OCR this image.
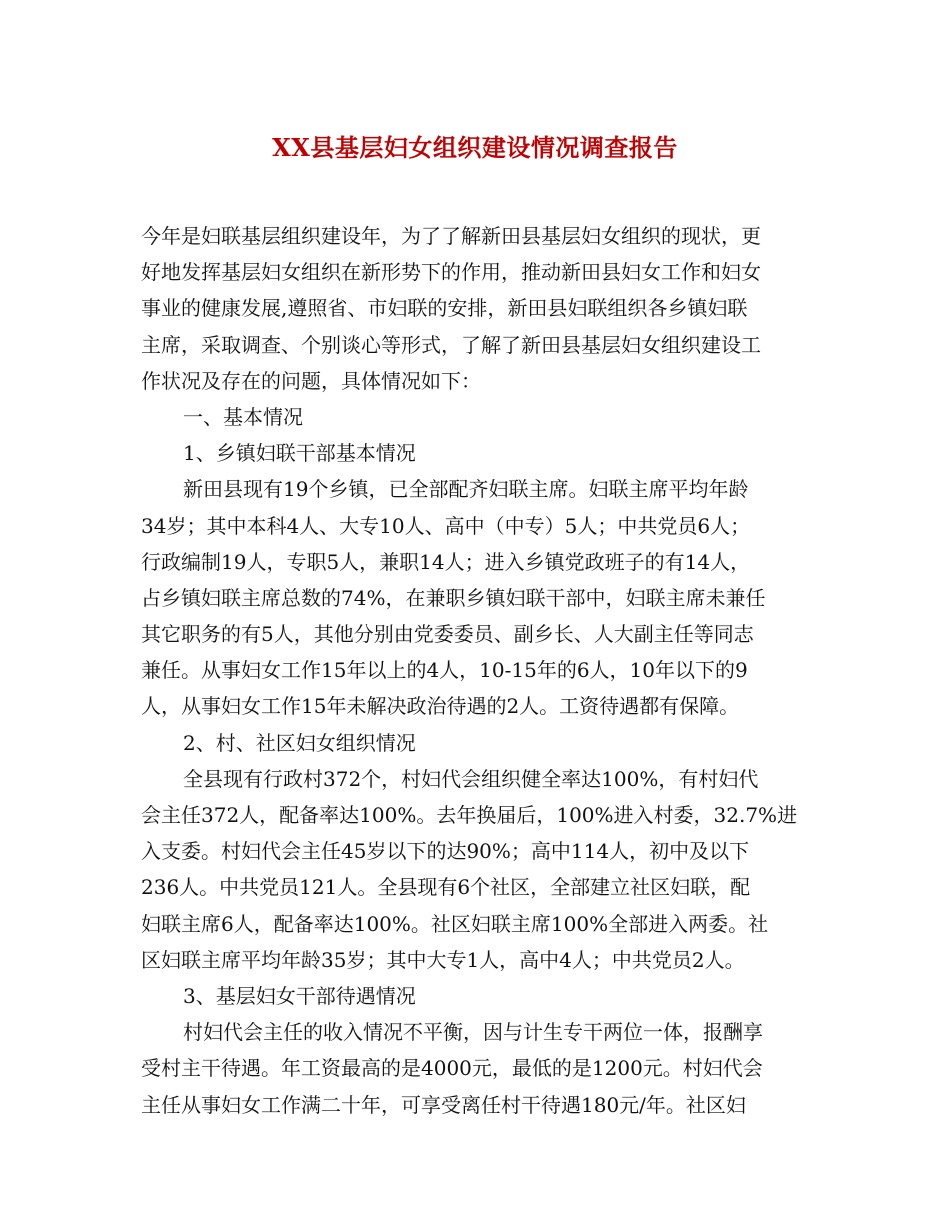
XX县基层妇女组织建设情况调查报告
今年是妇联基层组织建设年，为了了解新田县基层妇女组织的现状，更
好地发挥基层妇女组织在新形势下的作用，推动新田县妇女工作和妇女
事业的健康发展,遵照省、市妇联的安排，新田县妇联组织各乡镇妇联
主席，采取调查、个别谈心等形式，了解了新田县基层妇女组织建设工
作状况及存在的问题，具体情况如下：
一、基本情况
1、乡镇妇联干部基本情况
新田县现有19个乡镇，已全部配齐妇联主席。妇联主席平均年龄
34岁；其中本科4人、大专10人、高中（中专）5人；中共党员6人；
行政编制19人，专职5人，兼职14人；进入乡镇党政班子的有14人，
占乡镇妇联主席总数的74%，在兼职乡镇妇联干部中，妇联主席未兼任
其它职务的有5人，其他分别由党委委员、副乡长、人大副主任等同志
兼任。从事妇女工作15年以上的4人，10-15年的6人，10年以下的9
人，从事妇女工作15年未解决政治待遇的2人。工资待遇都有保障。
2、村、社区妇女组织情况
全县现有行政村372个，村妇代会组织健全率达100%，有村妇代
会主任372人，配备率达100%。去年换届后，100%进入村委，32.7%进
入支委。村妇代会主任45岁以下的达90%；高中114人，初中及以下
236人。中共党员121人。全县现有6个社区，全部建立社区妇联，配
妇联主席6人，配备率达100%。社区妇联主席100%全部进入两委。社
区妇联主席平均年龄35岁；其中大专1人，高中4人；中共党员2人。
3、基层妇女干部待遇情况
村妇代会主任的收入情况不平衡，因与计生专干两位一体，报酬享
受村主干待遇。年工资最高的是4000元，最低的是1200元。村妇代会
主任从事妇女工作满二十年，可享受离任村干待遇180元/年。社区妇
